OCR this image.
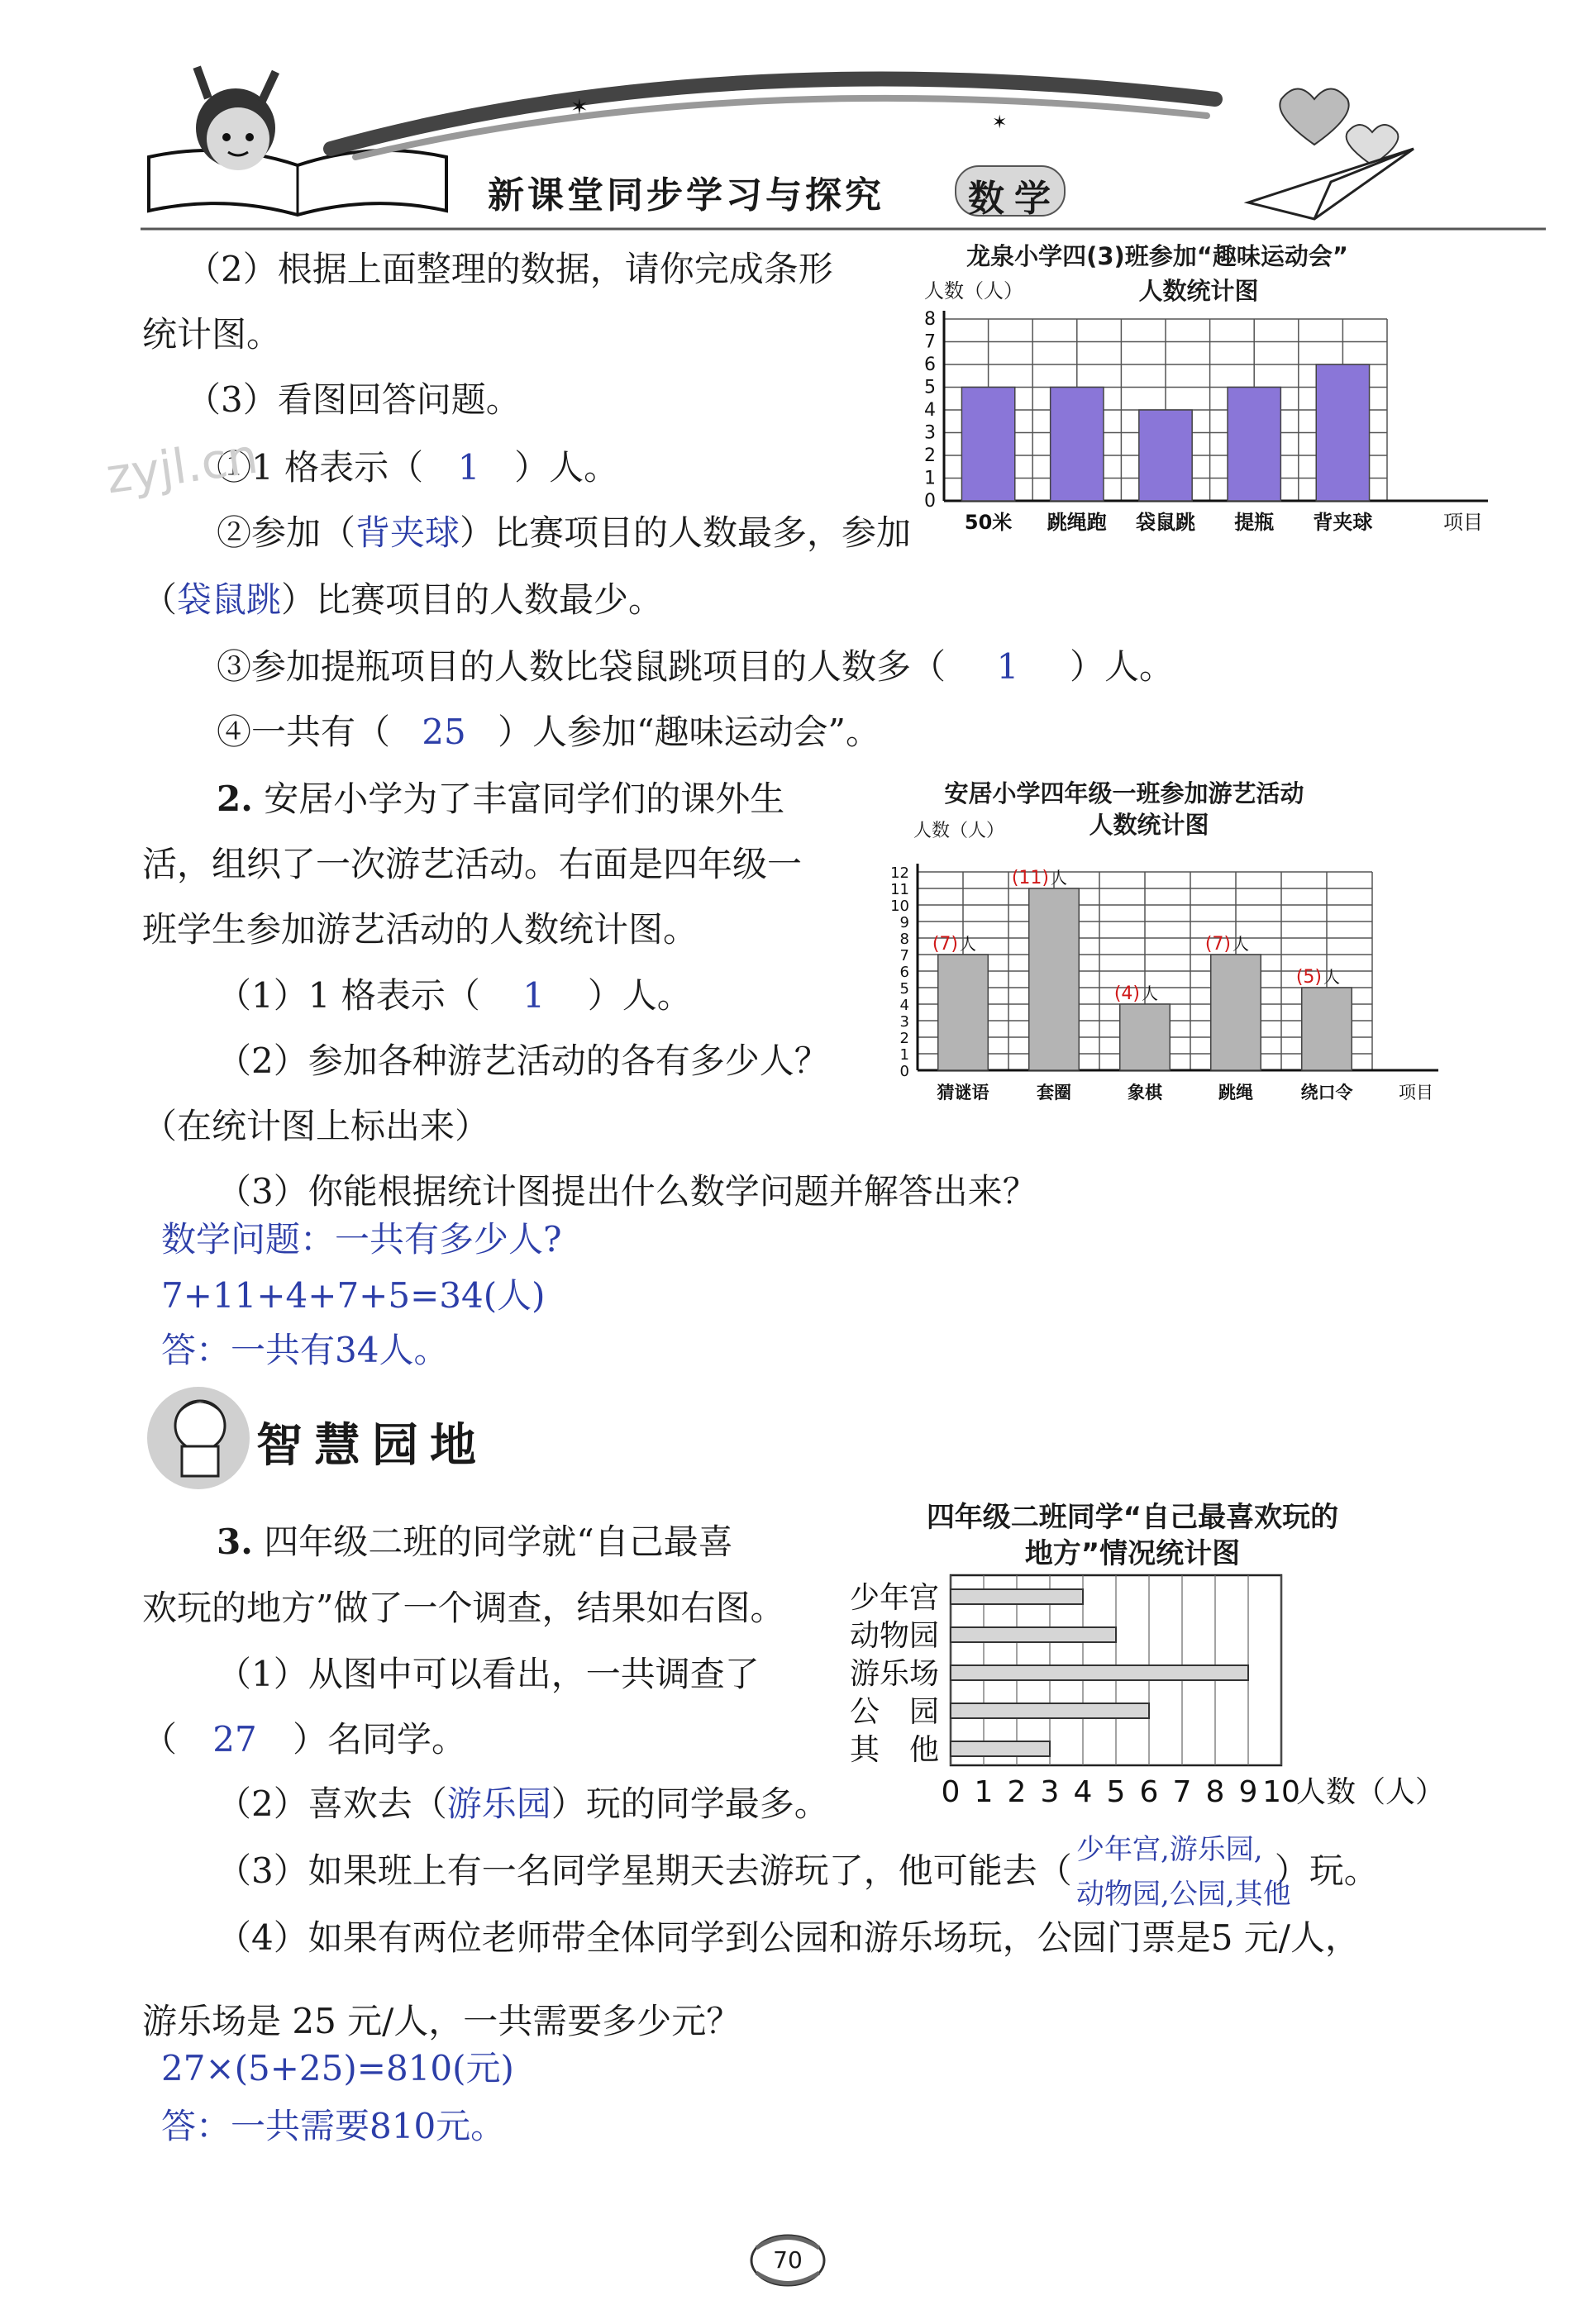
✶
✶
新课堂同步学习与探究 数学
（2）根据上面整理的数据，请你完成条形
统计图。
（3）看图回答问题。
①1 格表示（ 1 ）人。
②参加（背夹球）比赛项目的人数最多，参加
（袋鼠跳）比赛项目的人数最少。
③参加提瓶项目的人数比袋鼠跳项目的人数多（ 1 ）人。
④一共有（ 25 ）人参加“趣味运动会”。
zyjl.cn
龙泉小学四(3)班参加“趣味运动会”
人数（人）	人数统计图
0
1
2
3
4
5
6
7
8
50米 跳绳跑 袋鼠跳 提瓶 背夹球	项目
2. 安居小学为了丰富同学们的课外生
活，组织了一次游艺活动。右面是四年级一
班学生参加游艺活动的人数统计图。
（1）1 格表示（ 1 ）人。
（2）参加各种游艺活动的各有多少人？
（在统计图上标出来）
（3）你能根据统计图提出什么数学问题并解答出来？
数学问题：一共有多少人?
7+11+4+7+5=34(人)
答：一共有34人。
安居小学四年级一班参加游艺活动
人数统计图
人数（人）
0
1
2
3
4
5
6
7
8
9
10
11
12
猜谜语
(7) 人
套圈
(11) 人
象棋
(4) 人
跳绳
(7) 人
绕口令
(5) 人
项目
智慧园地
3. 四年级二班的同学就“自己最喜
欢玩的地方”做了一个调查，结果如右图。
（1）从图中可以看出，一共调查了
（ 27 ）名同学。
（2）喜欢去（游乐园）玩的同学最多。
（3）如果班上有一名同学星期天去游玩了，他可能去（	）玩。
少年宫,游乐园,
动物园,公园,其他
（4）如果有两位老师带全体同学到公园和游乐场玩，公园门票是5 元/人，
游乐场是 25 元/人，一共需要多少元？
27×(5+25)=810(元)
答：一共需要810元。
四年级二班同学“自己最喜欢玩的
地方”情况统计图
0 1 2 3 4 5 6 7 8 9 10
人数（人）
少年宫
动物园
游乐场
公　园
其　他
70
